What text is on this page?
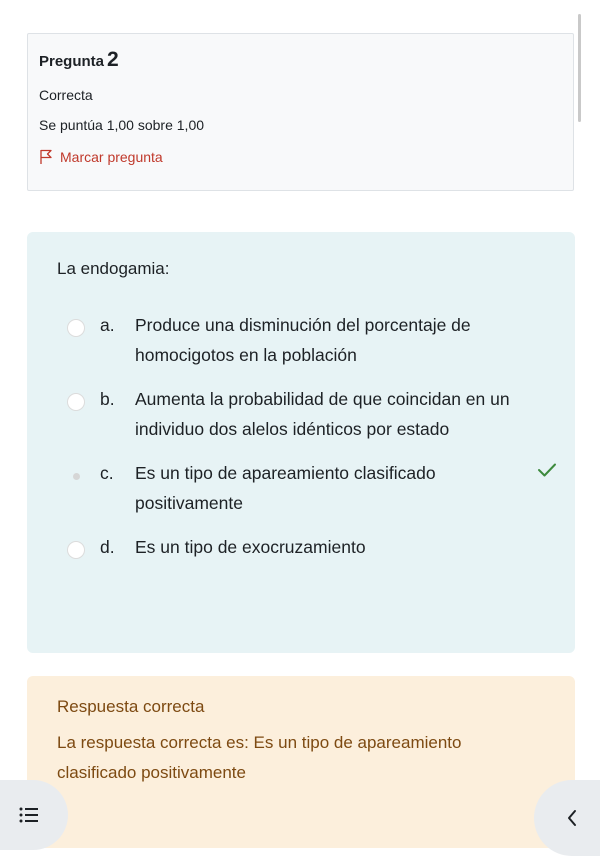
Pregunta 2
Correcta
Se puntúa 1,00 sobre 1,00
Marcar pregunta

La endogamia:

a.	Produce una disminución del porcentaje de homocigotos en la población
b.	Aumenta la probabilidad de que coincidan en un individuo dos alelos idénticos por estado
c.	Es un tipo de apareamiento clasificado positivamente
d.	Es un tipo de exocruzamiento

Respuesta correcta

La respuesta correcta es: Es un tipo de apareamiento clasificado positivamente
